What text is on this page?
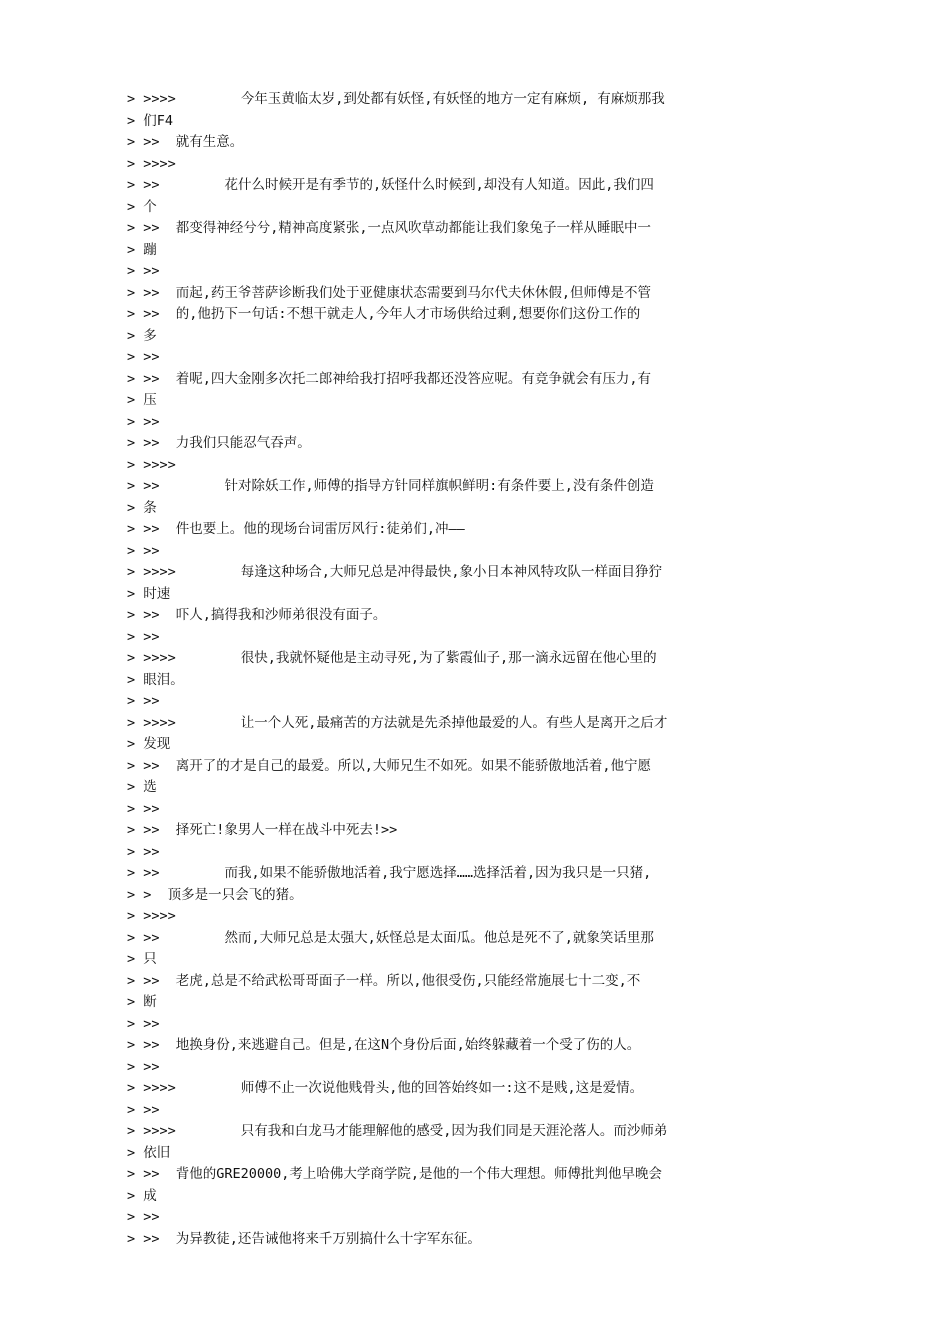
> >>>>        今年玉黄临太岁,到处都有妖怪,有妖怪的地方一定有麻烦, 有麻烦那我
> 们F4
> >>  就有生意。
> >>>>
> >>        花什么时候开是有季节的,妖怪什么时候到,却没有人知道。因此,我们四
> 个
> >>  都变得神经兮兮,精神高度紧张,一点风吹草动都能让我们象兔子一样从睡眠中一
> 蹦
> >>
> >>  而起,药王爷菩萨诊断我们处于亚健康状态需要到马尔代夫休休假,但师傅是不管
> >>  的,他扔下一句话:不想干就走人,今年人才市场供给过剩,想要你们这份工作的
> 多
> >>
> >>  着呢,四大金刚多次托二郎神给我打招呼我都还没答应呢。有竞争就会有压力,有
> 压
> >>
> >>  力我们只能忍气吞声。
> >>>>
> >>        针对除妖工作,师傅的指导方针同样旗帜鲜明:有条件要上,没有条件创造
> 条
> >>  件也要上。他的现场台词雷厉风行:徒弟们,冲——
> >>
> >>>>        每逢这种场合,大师兄总是冲得最快,象小日本神风特攻队一样面目狰狞
> 时速
> >>  吓人,搞得我和沙师弟很没有面子。
> >>
> >>>>        很快,我就怀疑他是主动寻死,为了紫霞仙子,那一滴永远留在他心里的
> 眼泪。
> >>
> >>>>        让一个人死,最痛苦的方法就是先杀掉他最爱的人。有些人是离开之后才
> 发现
> >>  离开了的才是自己的最爱。所以,大师兄生不如死。如果不能骄傲地活着,他宁愿
> 选
> >>
> >>  择死亡!象男人一样在战斗中死去!>>
> >>
> >>        而我,如果不能骄傲地活着,我宁愿选择……选择活着,因为我只是一只猪,
> >  顶多是一只会飞的猪。
> >>>>
> >>        然而,大师兄总是太强大,妖怪总是太面瓜。他总是死不了,就象笑话里那
> 只
> >>  老虎,总是不给武松哥哥面子一样。所以,他很受伤,只能经常施展七十二变,不
> 断
> >>
> >>  地换身份,来逃避自己。但是,在这N个身份后面,始终躲藏着一个受了伤的人。
> >>
> >>>>        师傅不止一次说他贱骨头,他的回答始终如一:这不是贱,这是爱情。
> >>
> >>>>        只有我和白龙马才能理解他的感受,因为我们同是天涯沦落人。而沙师弟
> 依旧
> >>  背他的GRE20000,考上哈佛大学商学院,是他的一个伟大理想。师傅批判他早晚会
> 成
> >>
> >>  为异教徒,还告诫他将来千万别搞什么十字军东征。
